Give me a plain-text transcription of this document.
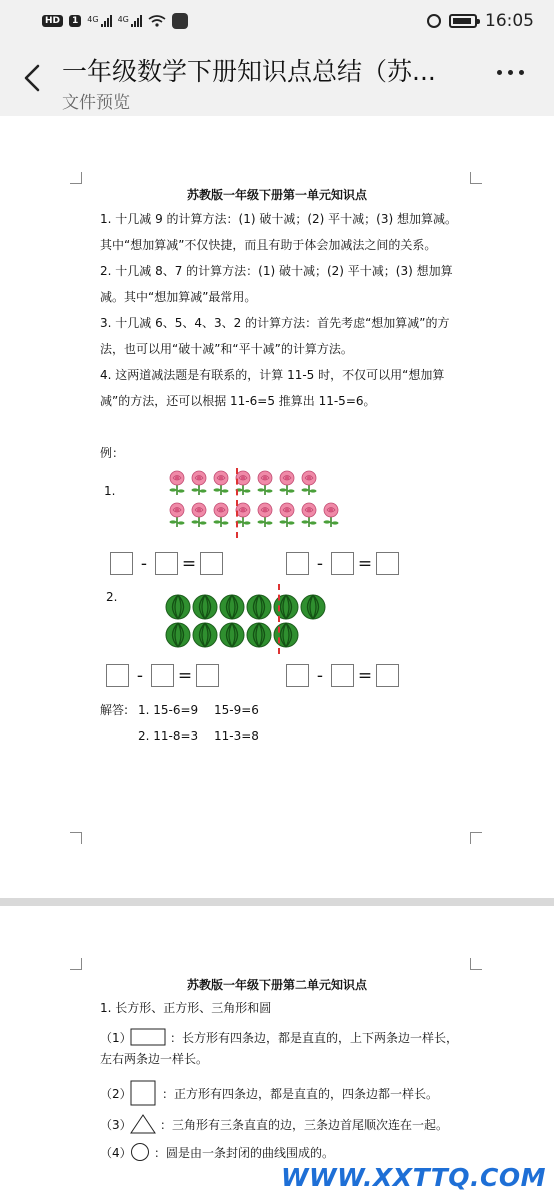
HD	1	4G 4G	16:05
一年级数学下册知识点总结（苏...
文件预览
苏教版一年级下册第一单元知识点

1. 十几减 9 的计算方法：(1) 破十减；(2) 平十减；(3) 想加算减。其中“想加算减”不仅快捷，而且有助于体会加减法之间的关系。

2. 十几减 8、7 的计算方法：(1) 破十减；(2) 平十减；(3) 想加算减。其中“想加算减”最常用。

3. 十几减 6、5、4、3、2 的计算方法：首先考虑“想加算减”的方法，也可以用“破十减”和“平十减”的计算方法。

4. 这两道减法题是有联系的，计算 11-5 时，不仅可以用“想加算减”的方法，还可以根据 11-6=5 推算出 11-5=6。

例：
1.
-	=	-	=
2.
-	=	-	=
解答: 1. 15-6=9	15-9=6
2. 11-8=3	11-3=8
苏教版一年级下册第二单元知识点
1. 长方形、正方形、三角形和圆
（1）	：长方形有四条边，都是直直的，上下两条边一样长，
左右两条边一样长。
（2）	：正方形有四条边，都是直直的，四条边都一样长。
（3） ：三角形有三条直直的边，三条边首尾顺次连在一起。
（4） ：圆是由一条封闭的曲线围成的。
WWW.XXTTQ.COM
